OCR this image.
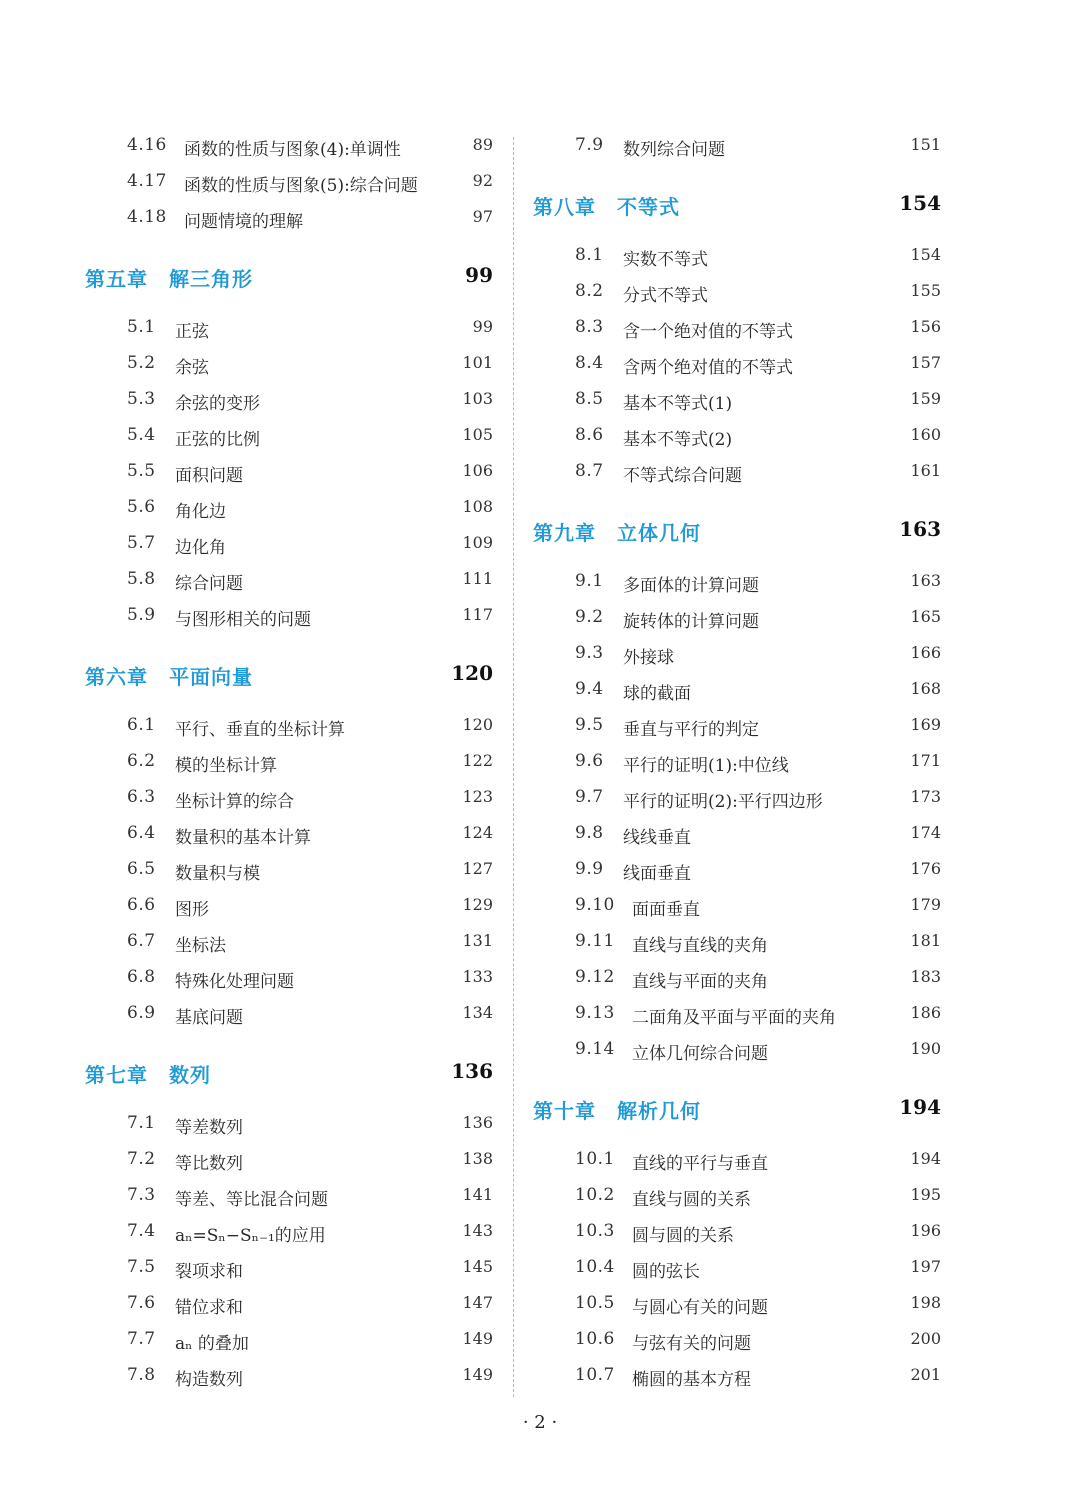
4.16 函数的性质与图象(4):单调性	89
4.17 函数的性质与图象(5):综合问题	92
4.18 问题情境的理解	97
第五章　解三角形	99
5.1 正弦	99
5.2 余弦	101
5.3 余弦的变形	103
5.4 正弦的比例	105
5.5 面积问题	106
5.6 角化边	108
5.7 边化角	109
5.8 综合问题	111
5.9 与图形相关的问题	117
第六章　平面向量	120
6.1 平行、垂直的坐标计算	120
6.2 模的坐标计算	122
6.3 坐标计算的综合	123
6.4 数量积的基本计算	124
6.5 数量积与模	127
6.6 图形	129
6.7 坐标法	131
6.8 特殊化处理问题	133
6.9 基底问题	134
第七章　数列	136
7.1 等差数列	136
7.2 等比数列	138
7.3 等差、等比混合问题	141
7.4 aₙ=Sₙ−Sₙ₋₁的应用	143
7.5 裂项求和	145
7.6 错位求和	147
7.7 aₙ 的叠加	149
7.8 构造数列	149
7.9 数列综合问题	151
第八章　不等式	154
8.1 实数不等式	154
8.2 分式不等式	155
8.3 含一个绝对值的不等式	156
8.4 含两个绝对值的不等式	157
8.5 基本不等式(1)	159
8.6 基本不等式(2)	160
8.7 不等式综合问题	161
第九章　立体几何	163
9.1 多面体的计算问题	163
9.2 旋转体的计算问题	165
9.3 外接球	166
9.4 球的截面	168
9.5 垂直与平行的判定	169
9.6 平行的证明(1):中位线	171
9.7 平行的证明(2):平行四边形	173
9.8 线线垂直	174
9.9 线面垂直	176
9.10 面面垂直	179
9.11 直线与直线的夹角	181
9.12 直线与平面的夹角	183
9.13 二面角及平面与平面的夹角	186
9.14 立体几何综合问题	190
第十章　解析几何	194
10.1 直线的平行与垂直	194
10.2 直线与圆的关系	195
10.3 圆与圆的关系	196
10.4 圆的弦长	197
10.5 与圆心有关的问题	198
10.6 与弦有关的问题	200
10.7 椭圆的基本方程	201
· 2 ·
